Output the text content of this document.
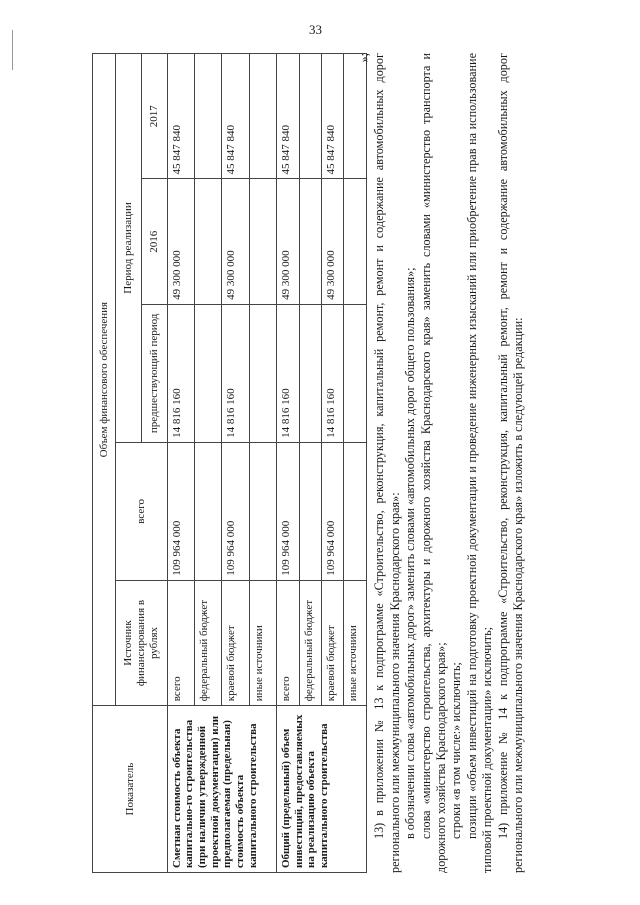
33
Показатель	Объем финансового обеспечения				
	Источник финансирования в рублях	всего	Период реализации		
			предшествующий период	2016	2017
Сметная стоимость объекта капитально-го строительства (при наличии утвержденной проектной документации) или предполагаемая (предельная) стоимость объекта капитального строительства	всего	109 964 000	14 816 160	49 300 000	45 847 840
	федеральный бюджет				
	краевой бюджет	109 964 000	14 816 160	49 300 000	45 847 840
	иные источники				
Общий (предельный) объем инвестиций, предоставляемых на реализацию объекта капитального строительства	всего	109 964 000	14 816 160	49 300 000	45 847 840
	федеральный бюджет				
	краевой бюджет	109 964 000	14 816 160	49 300 000	45 847 840
	иные источники				

»; 13) в приложении № 13 к подпрограмме «Строительство, реконструкция, капитальный ремонт, ремонт и содержание автомобильных дорог регионального или межмуниципального значения Краснодарского края»: в обозначении слова «автомобильных дорог» заменить словами «автомобильных дорог общего пользования»; слова «министерство строительства, архитектуры и дорожного хозяйства Краснодарского края» заменить словами «министерство транспорта и дорожного хозяйства Краснодарского края»; строки «в том числе:» исключить; позиции «объем инвестиций на подготовку проектной документации и проведение инженерных изысканий или приобретение прав на использование типовой проектной документации» исключить; 14) приложение № 14 к подпрограмме «Строительство, реконструкция, капитальный ремонт, ремонт и содержание автомобильных дорог регионального или межмуниципального значения Краснодарского края» изложить в следующей редакции:
